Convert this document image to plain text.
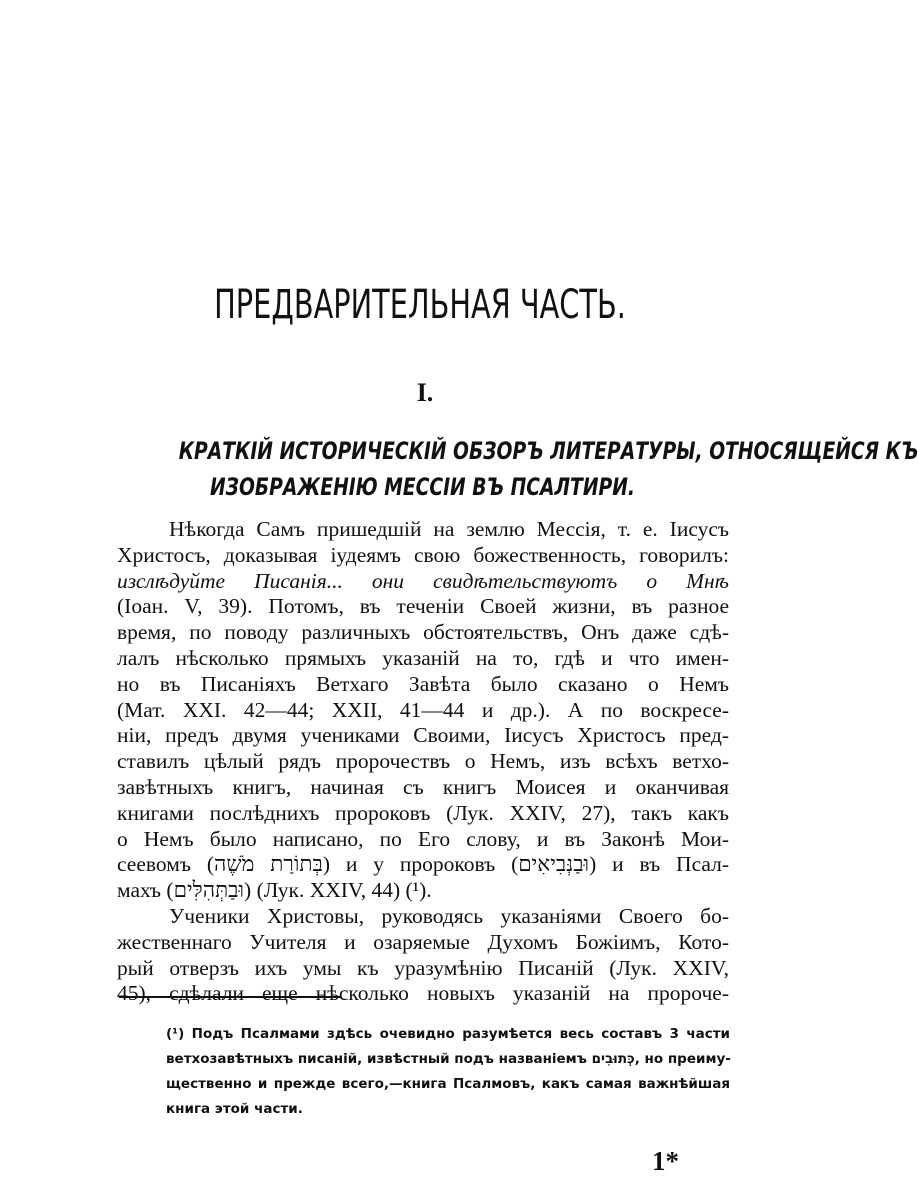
ПРЕДВАРИТЕЛЬНАЯ ЧАСТЬ.
I.
КРАТКІЙ ИСТОРИЧЕСКІЙ ОБЗОРЪ ЛИТЕРАТУРЫ, ОТНОСЯЩЕЙСЯ КЪ
ИЗОБРАЖЕНІЮ МЕССІИ ВЪ ПСАЛТИРИ.
Нѣкогда Самъ пришедшій на землю Мессія, т. е. Іисусъ
Христосъ, доказывая іудеямъ свою божественность, говорилъ:
изслѣдуйте Писанія... они свидѣтельствуютъ о Мнѣ
(Іоан. V, 39). Потомъ, въ теченіи Своей жизни, въ разное
время, по поводу различныхъ обстоятельствъ, Онъ даже сдѣ-
лалъ нѣсколько прямыхъ указаній на то, гдѣ и что имен-
но въ Писаніяхъ Ветхаго Завѣта было сказано о Немъ
(Мат. XXI. 42—44; XXII, 41—44 и др.). А по воскресе-
ніи, предъ двумя учениками Своими, Іисусъ Христосъ пред-
ставилъ цѣлый рядъ пророчествъ о Немъ, изъ всѣхъ ветхо-
завѣтныхъ книгъ, начиная съ книгъ Моисея и оканчивая
книгами послѣднихъ пророковъ (Лук. XXIV, 27), такъ какъ
о Немъ было написано, по Его слову, и въ Законѣ Мои-
сеевомъ (בְּתוֹרַת מֹשֶׁה) и у пророковъ (וּבַנְּבִיאִים) и въ Псал-
махъ (וּבַתְּהִלִּים) (Лук. XXIV, 44) (¹).
Ученики Христовы, руководясь указаніями Своего бо-
жественнаго Учителя и озаряемые Духомъ Божіимъ, Кото-
рый отверзъ ихъ умы къ уразумѣнію Писаній (Лук. XXIV,
45), сдѣлали еще нѣсколько новыхъ указаній на пророче-
(¹) Подъ Псалмами здѣсь очевидно разумѣется весь составъ 3 части
ветхозавѣтныхъ писаній, извѣстный подъ названіемъ כְּתוּבִים, но преиму-
щественно и прежде всего,—книга Псалмовъ, какъ самая важнѣйшая
книга этой части.
1*
